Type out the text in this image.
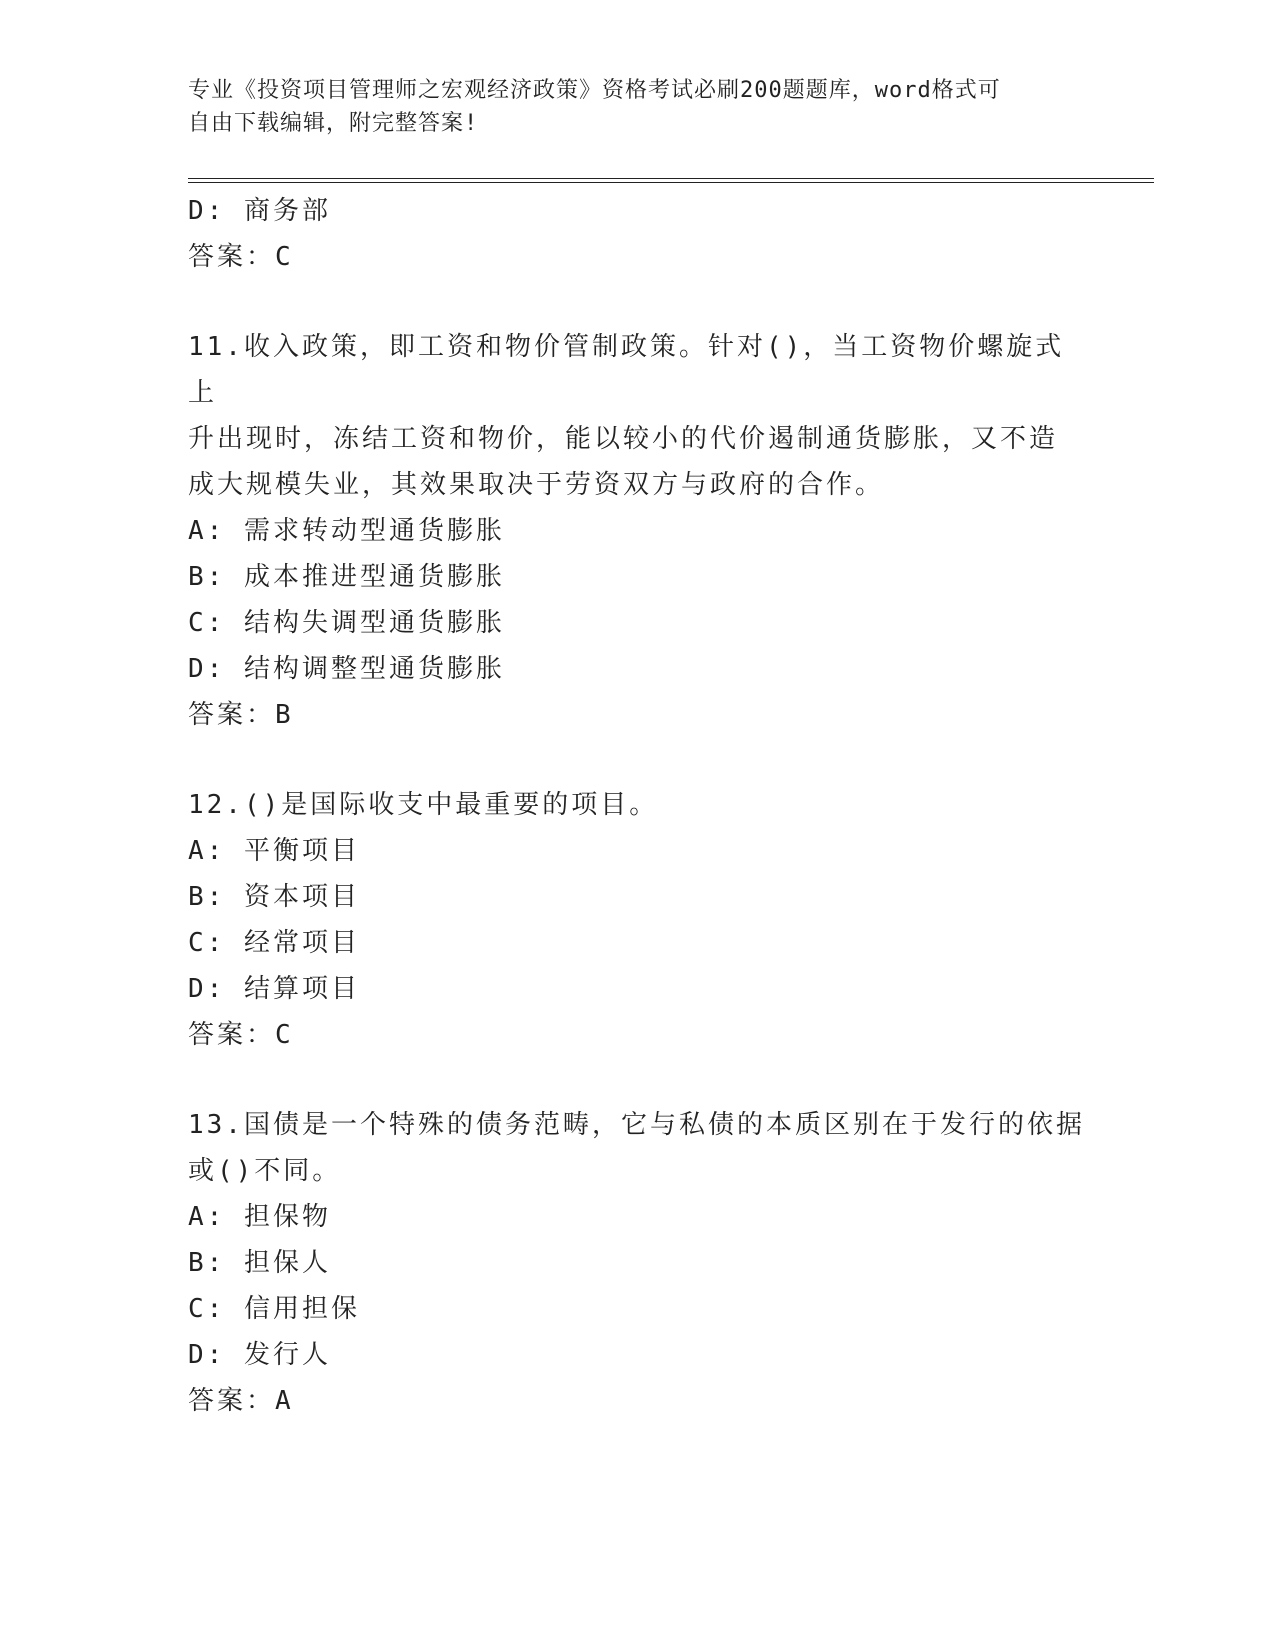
专业《投资项目管理师之宏观经济政策》资格考试必刷200题题库，word格式可
自由下载编辑，附完整答案!
D: 商务部
答案：C
11.收入政策，即工资和物价管制政策。针对()，当工资物价螺旋式上
升出现时，冻结工资和物价，能以较小的代价遏制通货膨胀，又不造
成大规模失业，其效果取决于劳资双方与政府的合作。
A: 需求转动型通货膨胀
B: 成本推进型通货膨胀
C: 结构失调型通货膨胀
D: 结构调整型通货膨胀
答案：B
12.()是国际收支中最重要的项目。
A: 平衡项目
B: 资本项目
C: 经常项目
D: 结算项目
答案：C
13.国债是一个特殊的债务范畴，它与私债的本质区别在于发行的依据
或()不同。
A: 担保物
B: 担保人
C: 信用担保
D: 发行人
答案：A
